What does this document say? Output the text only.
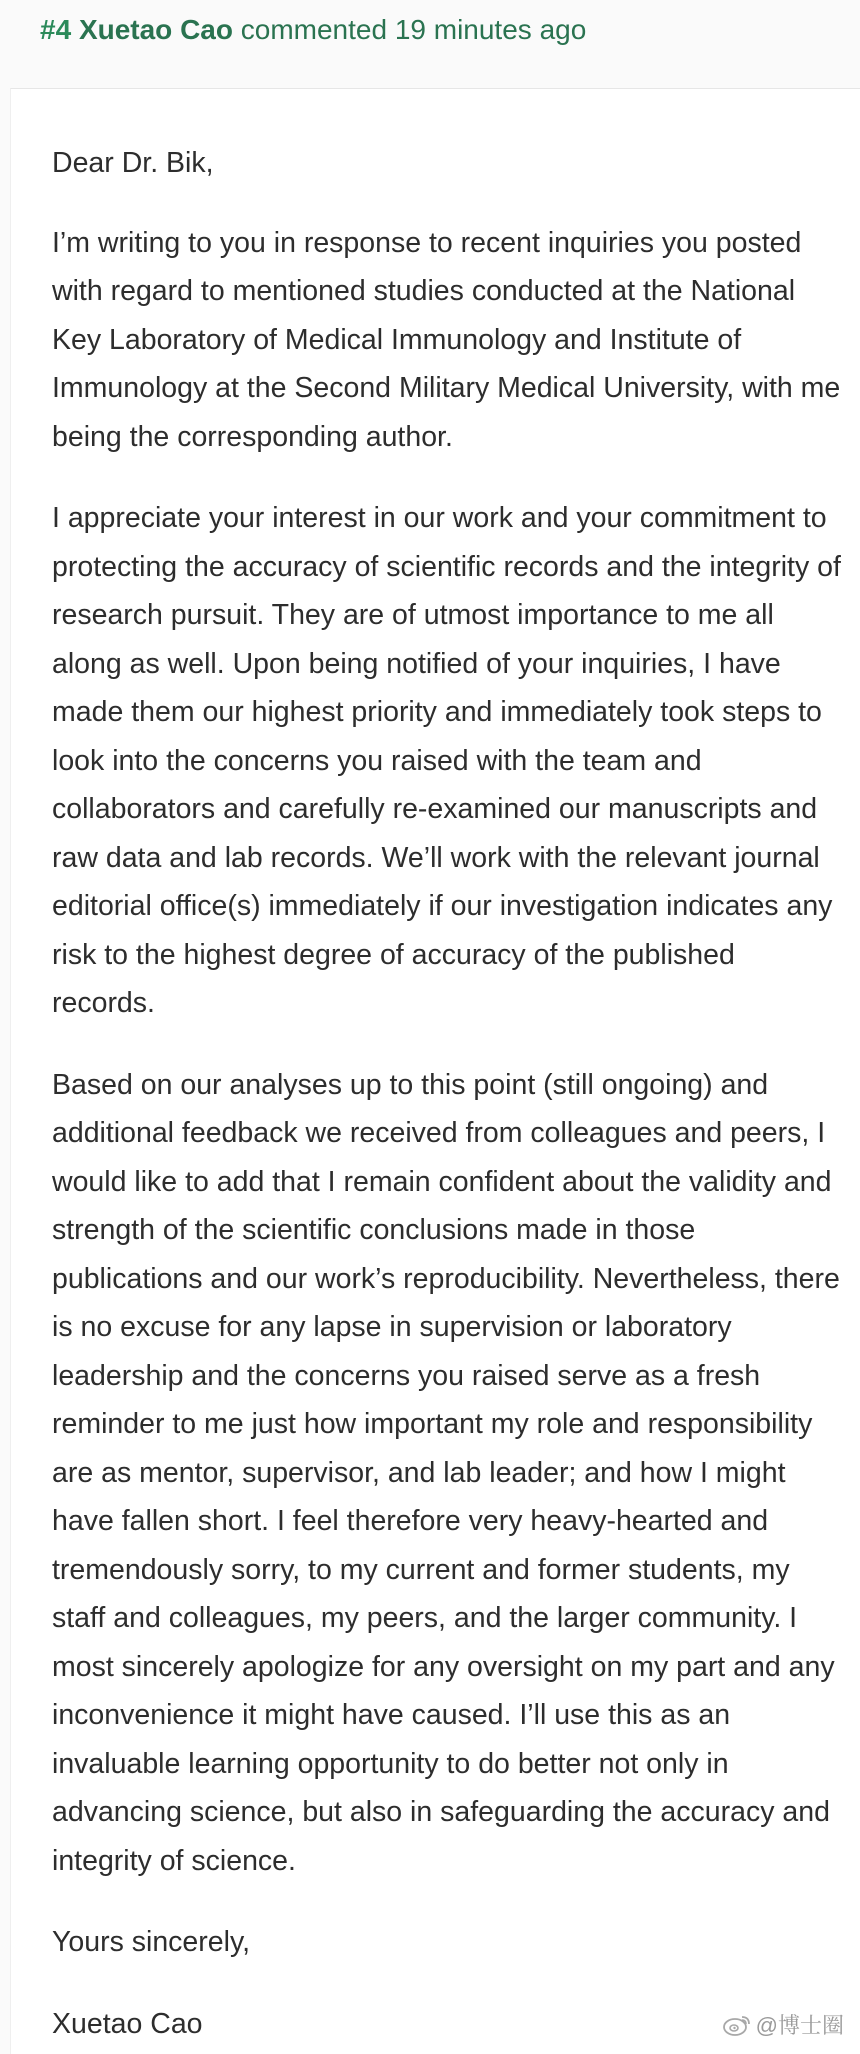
#4 Xuetao Cao commented 19 minutes ago

Dear Dr. Bik,

I’m writing to you in response to recent inquiries you posted with regard to mentioned studies conducted at the National Key Laboratory of Medical Immunology and Institute of Immunology at the Second Military Medical University, with me being the corresponding author.

I appreciate your interest in our work and your commitment to protecting the accuracy of scientific records and the integrity of research pursuit. They are of utmost importance to me all along as well. Upon being notified of your inquiries, I have made them our highest priority and immediately took steps to look into the concerns you raised with the team and collaborators and carefully re-examined our manuscripts and raw data and lab records. We’ll work with the relevant journal editorial office(s) immediately if our investigation indicates any risk to the highest degree of accuracy of the published records.

Based on our analyses up to this point (still ongoing) and additional feedback we received from colleagues and peers, I would like to add that I remain confident about the validity and strength of the scientific conclusions made in those publications and our work’s reproducibility. Nevertheless, there is no excuse for any lapse in supervision or laboratory leadership and the concerns you raised serve as a fresh reminder to me just how important my role and responsibility are as mentor, supervisor, and lab leader; and how I might have fallen short. I feel therefore very heavy-hearted and tremendously sorry, to my current and former students, my staff and colleagues, my peers, and the larger community. I most sincerely apologize for any oversight on my part and any inconvenience it might have caused. I’ll use this as an invaluable learning opportunity to do better not only in advancing science, but also in safeguarding the accuracy and integrity of science.

Yours sincerely,

Xuetao Cao	@博士圈
